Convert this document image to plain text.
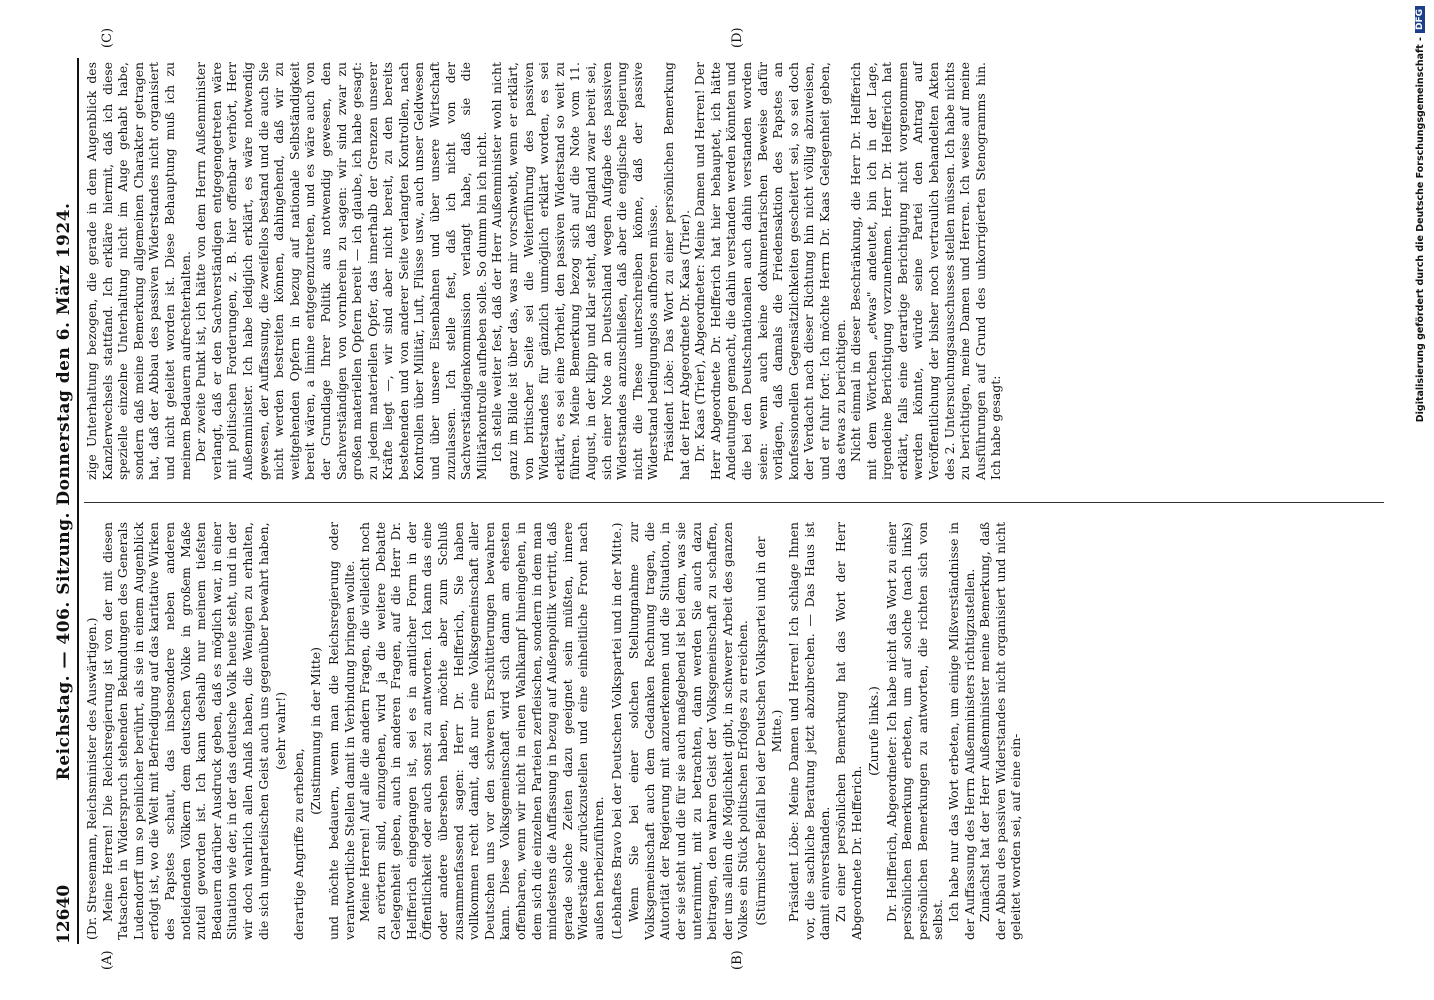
12640
Reichstag. — 406. Sitzung. Donnerstag den 6. März 1924.
(A)	(B)
(C)	(D)

(Dr. Stresemann, Reichsminister des Auswärtigen.) Meine Herren! Die Reichsregierung ist von der mit diesen Tatsachen in Widerspruch stehenden Bekundungen des Generals Ludendorff um so peinlicher berührt, als sie in einem Augenblick erfolgt ist, wo die Welt mit Befriedigung auf das karitative Wirken des Papstes schaut, das insbesondere neben anderen notleidenden Völkern dem deutschen Volke in großem Maße zuteil geworden ist. Ich kann deshalb nur meinem tiefsten Bedauern darüber Ausdruck geben, daß es möglich war, in einer Situation wie der, in der das deutsche Volk heute steht, und in der wir doch wahrlich allen Anlaß haben, die Wenigen zu erhalten, die sich unparteiischen Geist auch uns gegenüber bewahrt haben, (sehr wahr!)

derartige Angriffe zu erheben,

(Zustimmung in der Mitte) und möchte bedauern, wenn man die Reichsregierung oder verantwortliche Stellen damit in Verbindung bringen wollte. Meine Herren! Auf alle die andern Fragen, die vielleicht noch zu erörtern sind, einzugehen, wird ja die weitere Debatte Gelegenheit geben, auch in anderen Fragen, auf die Herr Dr. Helfferich eingegangen ist, sei es in amtlicher Form in der Öffentlichkeit oder auch sonst zu antworten. Ich kann das eine oder andere übersehen haben, möchte aber zum Schluß zusammenfassend sagen: Herr Dr. Helfferich, Sie haben vollkommen recht damit, daß nur eine Volksgemeinschaft aller Deutschen uns vor den schweren Erschütterungen bewahren kann. Diese Volksgemeinschaft wird sich dann am ehesten offenbaren, wenn wir nicht in einen Wahlkampf hineingehen, in dem sich die einzelnen Parteien zerfleischen, sondern in dem man mindestens die Auffassung in bezug auf Außenpolitik vertritt, daß gerade solche Zeiten dazu geeignet sein müßten, innere Widerstände zurückzustellen und eine einheitliche Front nach außen herbeizuführen. (Lebhaftes Bravo bei der Deutschen Volkspartei und in der Mitte.) Wenn Sie bei einer solchen Stellungnahme zur Volksgemeinschaft auch dem Gedanken Rechnung tragen, die Autorität der Regierung mit anzuerkennen und die Situation, in der sie steht und die für sie auch maßgebend ist bei dem, was sie unternimmt, mit zu betrachten, dann werden Sie auch dazu beitragen, den wahren Geist der Volksgemeinschaft zu schaffen, der uns allein die Möglichkeit gibt, in schwerer Arbeit des ganzen Volkes ein Stück politischen Erfolges zu erreichen. (Stürmischer Beifall bei der Deutschen Volkspartei und in der Mitte.) Präsident Löbe: Meine Damen und Herren! Ich schlage Ihnen vor, die sachliche Beratung jetzt abzubrechen. — Das Haus ist damit einverstanden. Zu einer persönlichen Bemerkung hat das Wort der Herr Abgeordnete Dr. Helfferich.

(Zurufe links.) Dr. Helfferich, Abgeordneter: Ich habe nicht das Wort zu einer persönlichen Bemerkung erbeten, um auf solche (nach links) persönlichen Bemerkungen zu antworten, die richten sich von selbst. Ich habe nur das Wort erbeten, um einige Mißverständnisse in der Auffassung des Herrn Außenministers richtigzustellen. Zunächst hat der Herr Außenminister meine Bemerkung, daß der Abbau des passiven Widerstandes nicht organisiert und nicht geleitet worden sei, auf eine ein-

zige Unterhaltung bezogen, die gerade in dem Augenblick des Kanzlerwechsels stattfand. Ich erkläre hiermit, daß ich diese spezielle einzelne Unterhaltung nicht im Auge gehabt habe, sondern daß meine Bemerkung allgemeinen Charakter getragen hat, daß der Abbau des passiven Widerstandes nicht organisiert und nicht geleitet worden ist. Diese Behauptung muß ich zu meinem Bedauern aufrechterhalten. Der zweite Punkt ist, ich hätte von dem Herrn Außenminister verlangt, daß er den Sachverständigen entgegengetreten wäre mit politischen Forderungen, z. B. hier offenbar verhört, Herr Außenminister. Ich habe lediglich erklärt, es wäre notwendig gewesen, der Auffassung, die zweifellos bestand und die auch Sie nicht werden bestreiten können, dahingehend, daß wir zu weitgehenden Opfern in bezug auf nationale Selbständigkeit bereit wären, a limine entgegenzutreten, und es wäre auch von der Grundlage Ihrer Politik aus notwendig gewesen, den Sachverständigen von vornherein zu sagen: wir sind zwar zu großen materiellen Opfern bereit — ich glaube, ich habe gesagt: zu jedem materiellen Opfer, das innerhalb der Grenzen unserer Kräfte liegt —, wir sind aber nicht bereit, zu den bereits bestehenden und von anderer Seite verlangten Kontrollen, nach Kontrollen über Militär, Luft, Flüsse usw., auch unser Geldwesen und über unsere Eisenbahnen und über unsere Wirtschaft zuzulassen. Ich stelle fest, daß ich nicht von der Sachverständigenkommission verlangt habe, daß sie die Militärkontrolle aufheben solle. So dumm bin ich nicht. Ich stelle weiter fest, daß der Herr Außenminister wohl nicht ganz im Bilde ist über das, was mir vorschwebt, wenn er erklärt, von britischer Seite sei die Weiterführung des passiven Widerstandes für gänzlich unmöglich erklärt worden, es sei erklärt, es sei eine Torheit, den passiven Widerstand so weit zu führen. Meine Bemerkung bezog sich auf die Note vom 11. August, in der klipp und klar steht, daß England zwar bereit sei, sich einer Note an Deutschland wegen Aufgabe des passiven Widerstandes anzuschließen, daß aber die englische Regierung nicht die These unterschreiben könne, daß der passive Widerstand bedingungslos aufhören müsse. Präsident Löbe: Das Wort zu einer persönlichen Bemerkung hat der Herr Abgeordnete Dr. Kaas (Trier). Dr. Kaas (Trier), Abgeordneter: Meine Damen und Herren! Der Herr Abgeordnete Dr. Helfferich hat hier behauptet, ich hätte Andeutungen gemacht, die dahin verstanden werden könnten und die bei den Deutschnationalen auch dahin verstanden worden seien: wenn auch keine dokumentarischen Beweise dafür vorlägen, daß damals die Friedensaktion des Papstes an konfessionellen Gegensätzlichkeiten gescheitert sei, so sei doch der Verdacht nach dieser Richtung hin nicht völlig abzuweisen, und er fuhr fort: Ich möchte Herrn Dr. Kaas Gelegenheit geben, das etwas zu berichtigen. Nicht einmal in dieser Beschränkung, die Herr Dr. Helfferich mit dem Wörtchen „etwas" andeutet, bin ich in der Lage, irgendeine Berichtigung vorzunehmen. Herr Dr. Helfferich hat erklärt, falls eine derartige Berichtigung nicht vorgenommen werden könnte, würde seine Partei den Antrag auf Veröffentlichung der bisher noch vertraulich behandelten Akten des 2. Untersuchungsausschusses stellen müssen. Ich habe nichts zu berichtigen, meine Damen und Herren. Ich weise auf meine Ausführungen auf Grund des unkorrigierten Stenogramms hin. Ich habe gesagt:

Digitalisierung gefördert durch die Deutsche Forschungsgemeinschaft -
DFG
